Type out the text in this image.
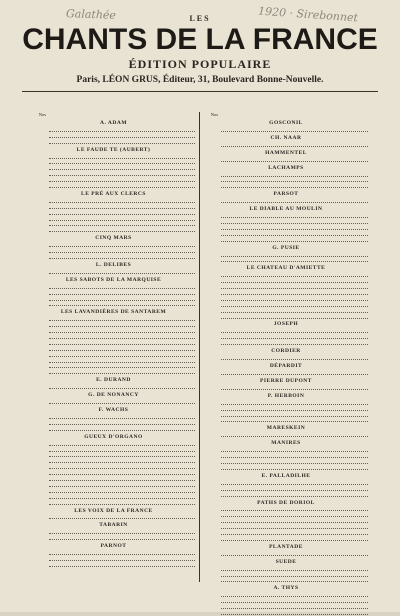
Galathée	1920 · Sirebonnet
LES
CHANTS DE LA FRANCE
ÉDITION POPULAIRE
Paris, LÉON GRUS, Éditeur, 31, Boulevard Bonne-Nouvelle.
Nos
A. ADAM
LE FAUDE TE (AUBERT)
LE PRÉ AUX CLERCS
CINQ MARS
L. DELIBES
LES SABOTS DE LA MARQUISE
LES LAVANDIÈRES DE SANTAREM
E. DURAND
G. DE NONANCY
F. WACHS
GUEUX D'ORGANO
LES VOIX DE LA FRANCE
TABARIN
PARNOT
Nos
GOSCONIL
CH. NAAR
HAMMENTEL
LACHAMPS
PARSOT
LE DIABLE AU MOULIN
G. PUSIE
LE CHATEAU D'AMIETTE
JOSEPH
CORDIER
DÉPARDIT
PIERRE DUPONT
P. HERBOIN
MARESKEIN
MANIRES
E. PALLADILHE
PATHS DE DORIOL
PLANTADE
SUEDE
A. THYS
